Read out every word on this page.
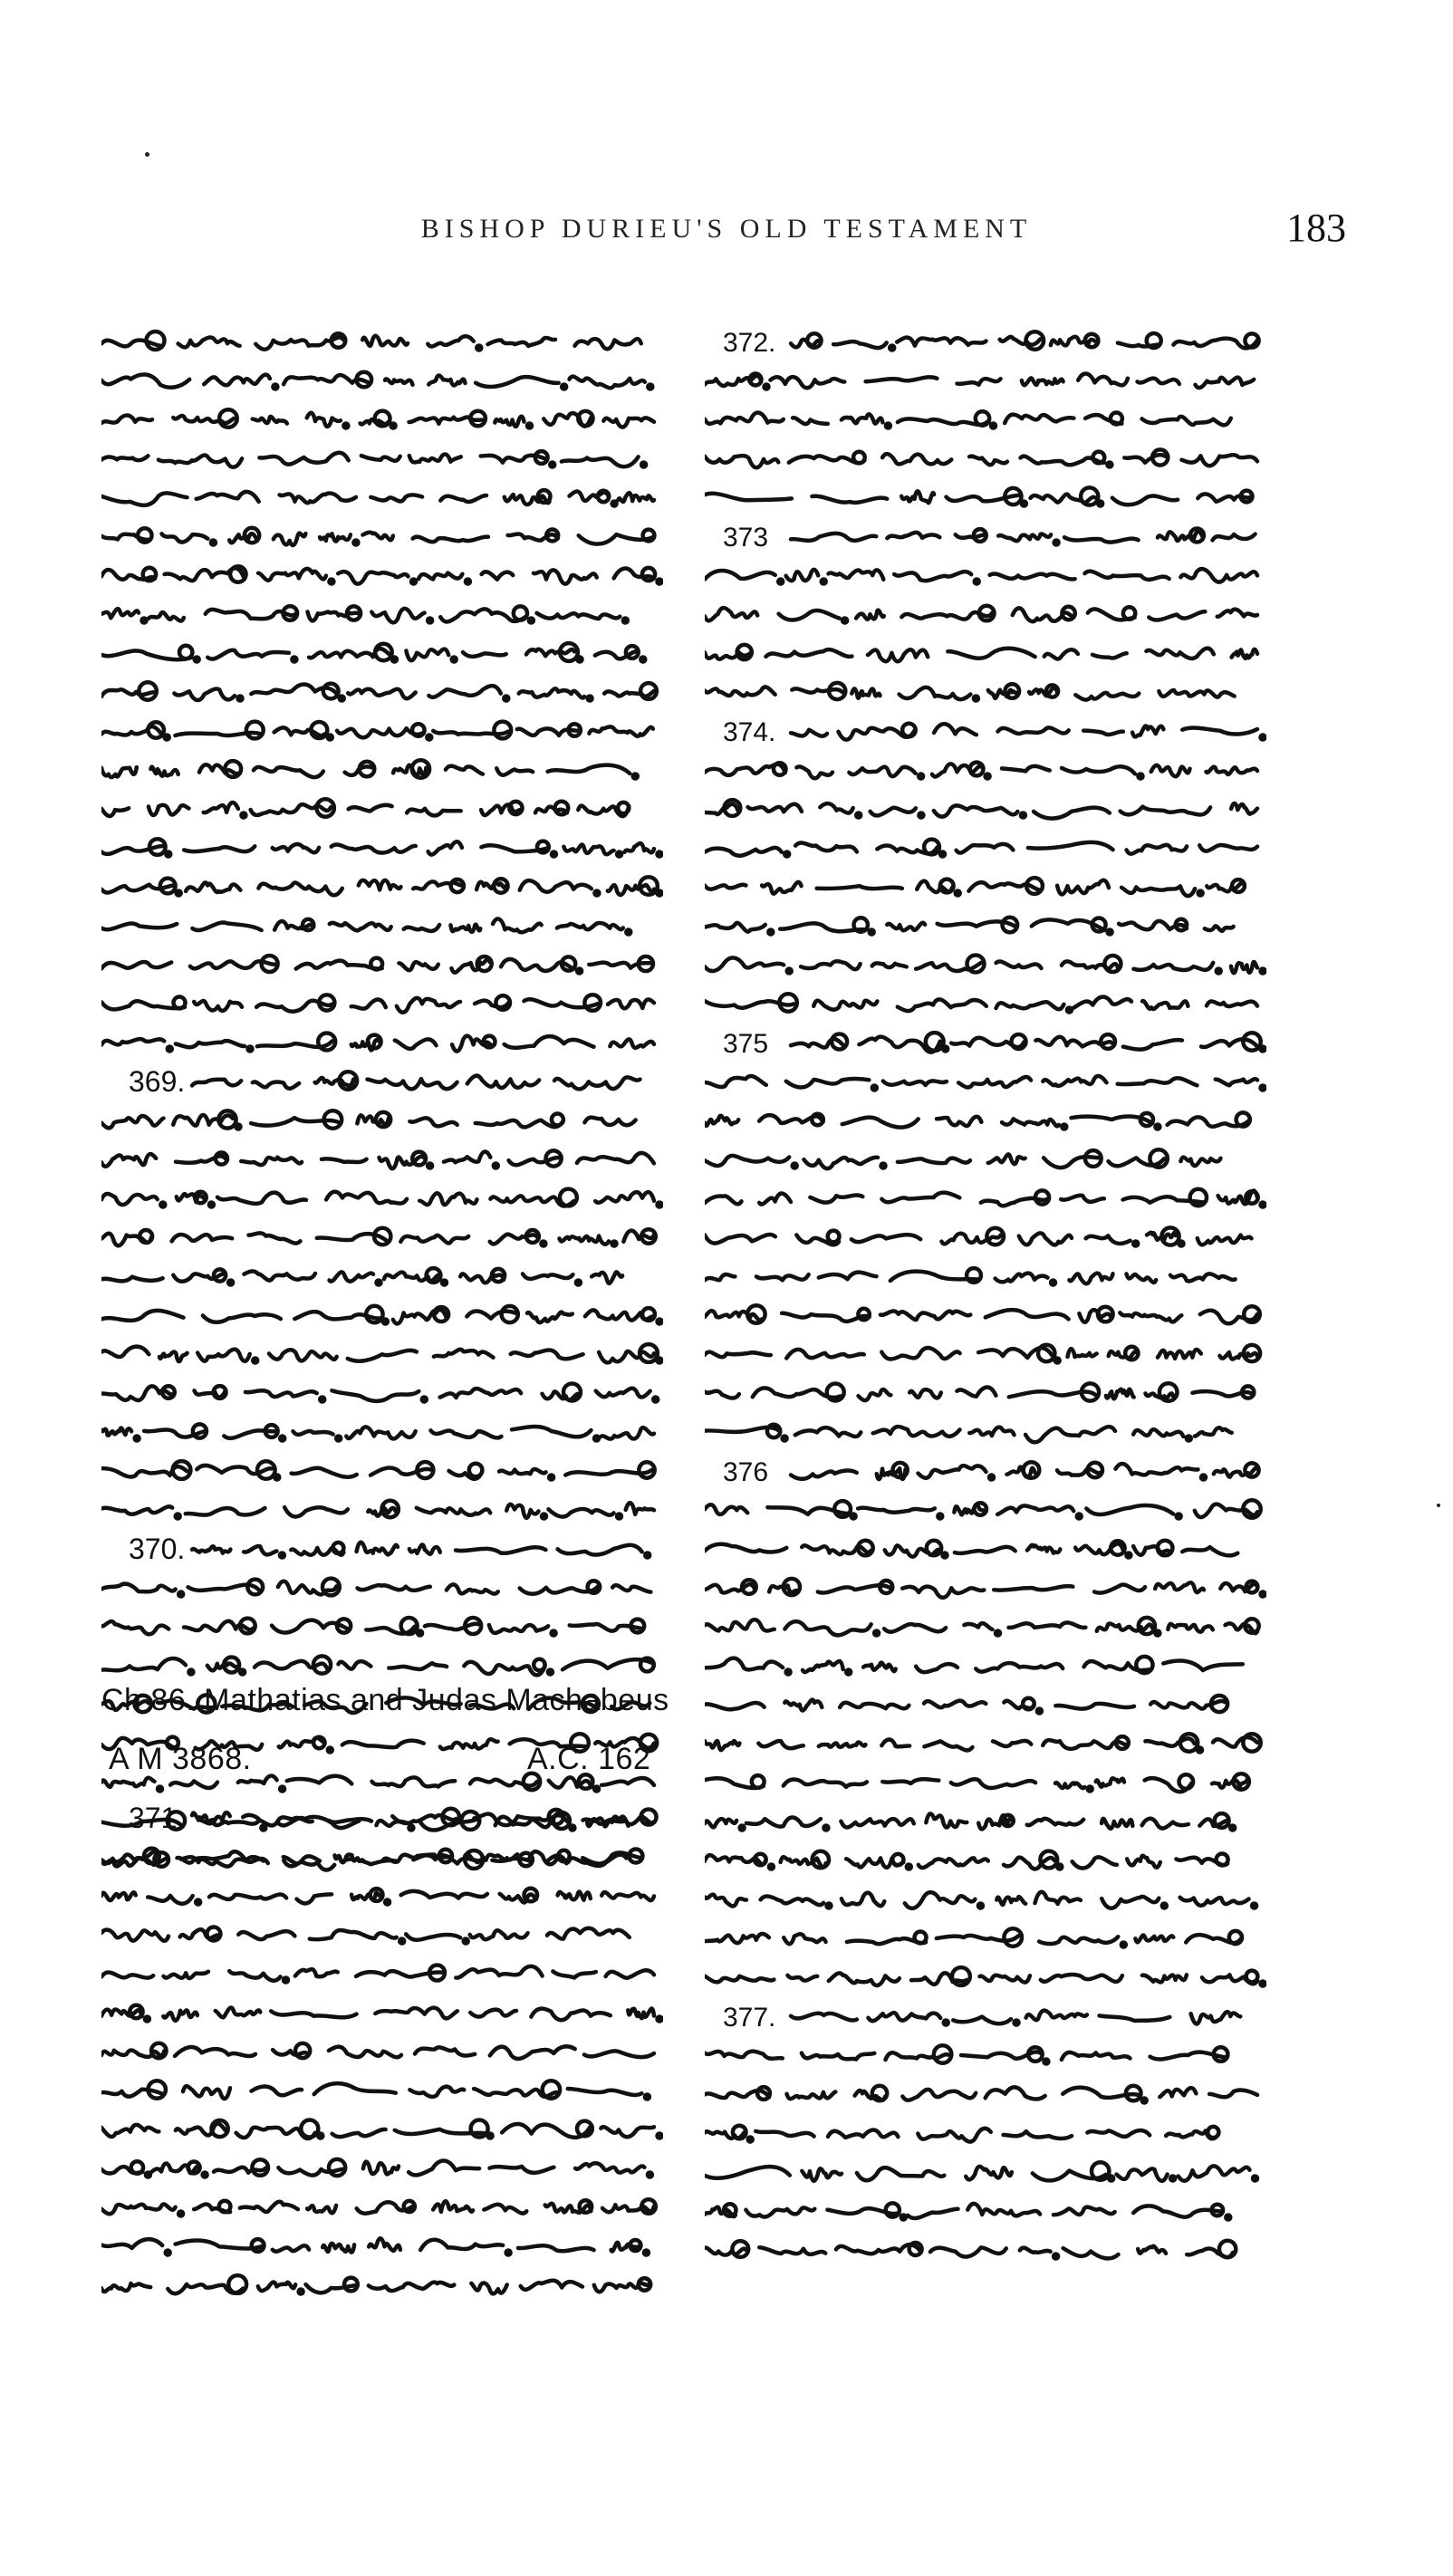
BISHOP DURIEU'S OLD TESTAMENT	183
369.
370.
371.
Ch 86. Mathatias and Judas Machabeus
A M 3868.	A.C. 162
372.
373
374.
375
376
377.
